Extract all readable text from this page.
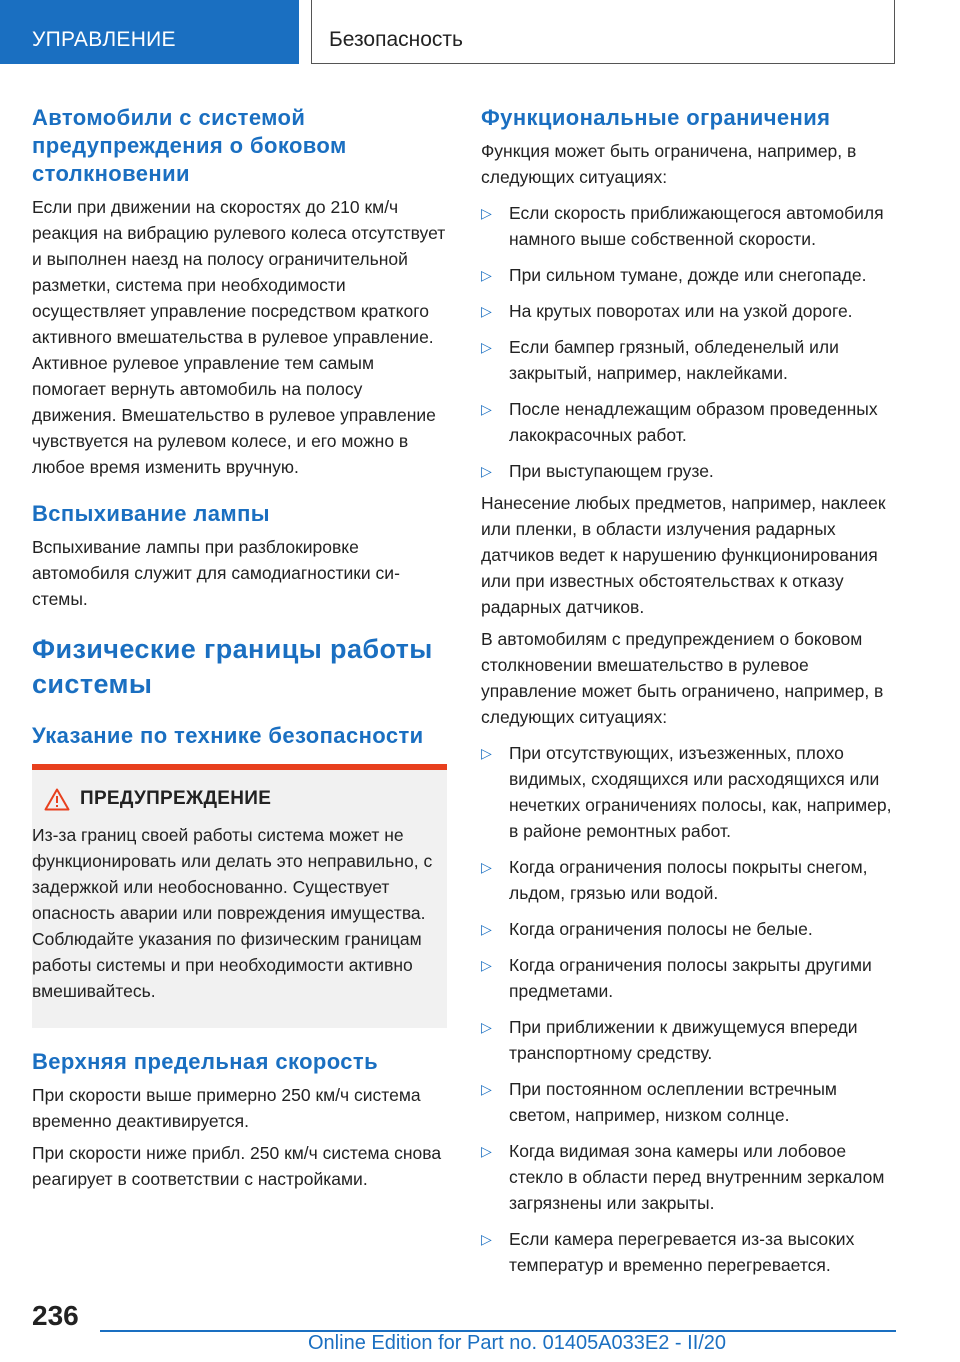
УПРАВЛЕНИЕ	Безопасность
Автомобили с системой предупреждения о боковом столкновении
Если при движении на скоростях до 210 км/ч реакция на вибрацию рулевого колеса отсутствует и выполнен наезд на полосу ограничительной разметки, система при необходимости осуществляет управление посредством краткого активного вмешательства в рулевое управление. Активное рулевое управление тем самым помогает вернуть автомобиль на полосу движения. Вмешательство в рулевое управление чувствуется на рулевом колесе, и его можно в любое время изменить вручную.
Вспыхивание лампы
Вспыхивание лампы при разблокировке автомобиля служит для самодиагностики системы.
Физические границы работы системы
Указание по технике безопасности
ПРЕДУПРЕЖДЕНИЕ
Из-за границ своей работы система может не функционировать или делать это неправильно, с задержкой или необоснованно. Существует опасность аварии или повреждения имущества. Соблюдайте указания по физическим границам работы системы и при необходимости активно вмешивайтесь.
Верхняя предельная скорость
При скорости выше примерно 250 км/ч система временно деактивируется.
При скорости ниже прибл. 250 км/ч система снова реагирует в соответствии с настройками.
Функциональные ограничения
Функция может быть ограничена, например, в следующих ситуациях:
▷ Если скорость приближающегося автомобиля намного выше собственной скорости.
▷ При сильном тумане, дожде или снегопаде.
▷ На крутых поворотах или на узкой дороге.
▷ Если бампер грязный, обледенелый или закрытый, например, наклейками.
▷ После ненадлежащим образом проведенных лакокрасочных работ.
▷ При выступающем грузе.
Нанесение любых предметов, например, наклеек или пленки, в области излучения радарных датчиков ведет к нарушению функционирования или при известных обстоятельствах к отказу радарных датчиков.
В автомобилям с предупреждением о боковом столкновении вмешательство в рулевое управление может быть ограничено, например, в следующих ситуациях:
▷ При отсутствующих, изъезженных, плохо видимых, сходящихся или расходящихся или нечетких ограничениях полосы, как, например, в районе ремонтных работ.
▷ Когда ограничения полосы покрыты снегом, льдом, грязью или водой.
▷ Когда ограничения полосы не белые.
▷ Когда ограничения полосы закрыты другими предметами.
▷ При приближении к движущемуся впереди транспортному средству.
▷ При постоянном ослеплении встречным светом, например, низком солнце.
▷ Когда видимая зона камеры или лобовое стекло в области перед внутренним зеркалом загрязнены или закрыты.
▷ Если камера перегревается из-за высоких температур и временно перегревается.
236
Online Edition for Part no. 01405A033E2 - II/20
